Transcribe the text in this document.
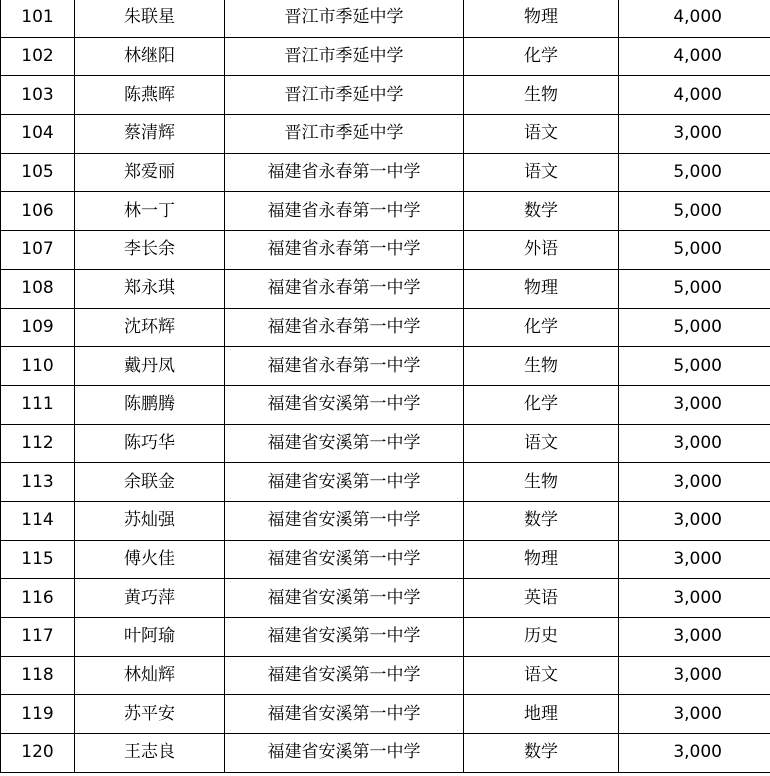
101	朱联星	晋江市季延中学	物理	4,000
102	林继阳	晋江市季延中学	化学	4,000
103	陈燕晖	晋江市季延中学	生物	4,000
104	蔡清辉	晋江市季延中学	语文	3,000
105	郑爱丽	福建省永春第一中学	语文	5,000
106	林一丁	福建省永春第一中学	数学	5,000
107	李长余	福建省永春第一中学	外语	5,000
108	郑永琪	福建省永春第一中学	物理	5,000
109	沈环辉	福建省永春第一中学	化学	5,000
110	戴丹凤	福建省永春第一中学	生物	5,000
111	陈鹏腾	福建省安溪第一中学	化学	3,000
112	陈巧华	福建省安溪第一中学	语文	3,000
113	余联金	福建省安溪第一中学	生物	3,000
114	苏灿强	福建省安溪第一中学	数学	3,000
115	傅火佳	福建省安溪第一中学	物理	3,000
116	黄巧萍	福建省安溪第一中学	英语	3,000
117	叶阿瑜	福建省安溪第一中学	历史	3,000
118	林灿辉	福建省安溪第一中学	语文	3,000
119	苏平安	福建省安溪第一中学	地理	3,000
120	王志良	福建省安溪第一中学	数学	3,000
